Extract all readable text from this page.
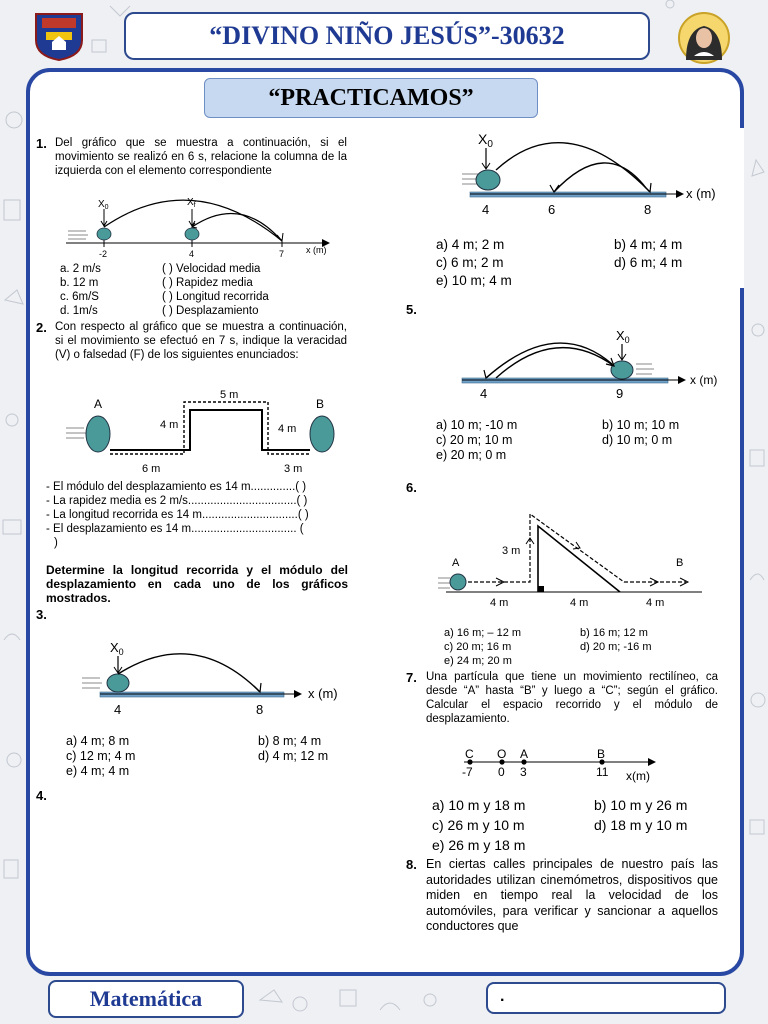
“DIVINO NIÑO JESÚS”-30632
“PRACTICAMOS”
1. Del gráfico que se muestra a continuación, si el movimiento se realizó en 6 s, relacione la columna de la izquierda con el elemento correspondiente
$X_0$	$X_f$
-2	4	7 x (m)
a. 2 m/s
b. 12 m
c. 6m/S
d. 1m/s
( ) Velocidad media
( ) Rapidez media
( ) Longitud recorrida
( ) Desplazamiento
2. Con respecto al gráfico que se muestra a continuación, si el movimiento se efectuó en 7 s, indique la veracidad (V) o falsedad (F) de los siguientes enunciados:
A	B
5 m
4 m	4 m
6 m	3 m
- El módulo del desplazamiento es 14 m..............( )
- La rapidez media es 2 m/s..................................( )
- La longitud recorrida es 14 m..............................( )
- El desplazamiento es 14 m................................. (
)
Determine la longitud recorrida y el módulo del desplazamiento en cada uno de los gráficos mostrados.
3.
$X_0$
4	8
x (m)
a) 4 m; 8 m	b) 8 m; 4 m
c) 12 m; 4 m	d) 4 m; 12 m
e) 4 m; 4 m
4.
$X_0$
4	6	8
x (m)
a) 4 m; 2 m	b) 4 m; 4 m
c) 6 m; 2 m	d) 6 m; 4 m
e) 10 m; 4 m
5.
$X_0$
4	9
x (m)
a) 10 m; -10 m	b) 10 m; 10 m
c) 20 m; 10 m	d) 10 m; 0 m
e) 20 m; 0 m
6.
A	B
3 m
4 m	4 m	4 m
a) 16 m; – 12 m	b) 16 m; 12 m
c) 20 m; 16 m	d) 20 m; -16 m
e) 24 m; 20 m
7. Una partícula que tiene un movimiento rectilíneo, ca desde “A” hasta “B” y luego a “C”; según el gráfico. Calcular el espacio recorrido y el módulo de desplazamiento.
C O A	B
-7 0 3	11 x(m)
a) 10 m y 18 m	b) 10 m y 26 m
c) 26 m y 10 m	d) 18 m y 10 m
e) 26 m y 18 m
8. En ciertas calles principales de nuestro país las autoridades utilizan cinemómetros, dispositivos que miden en tiempo real la velocidad de los automóviles, para verificar y sancionar a aquellos conductores que
Matemática	.
